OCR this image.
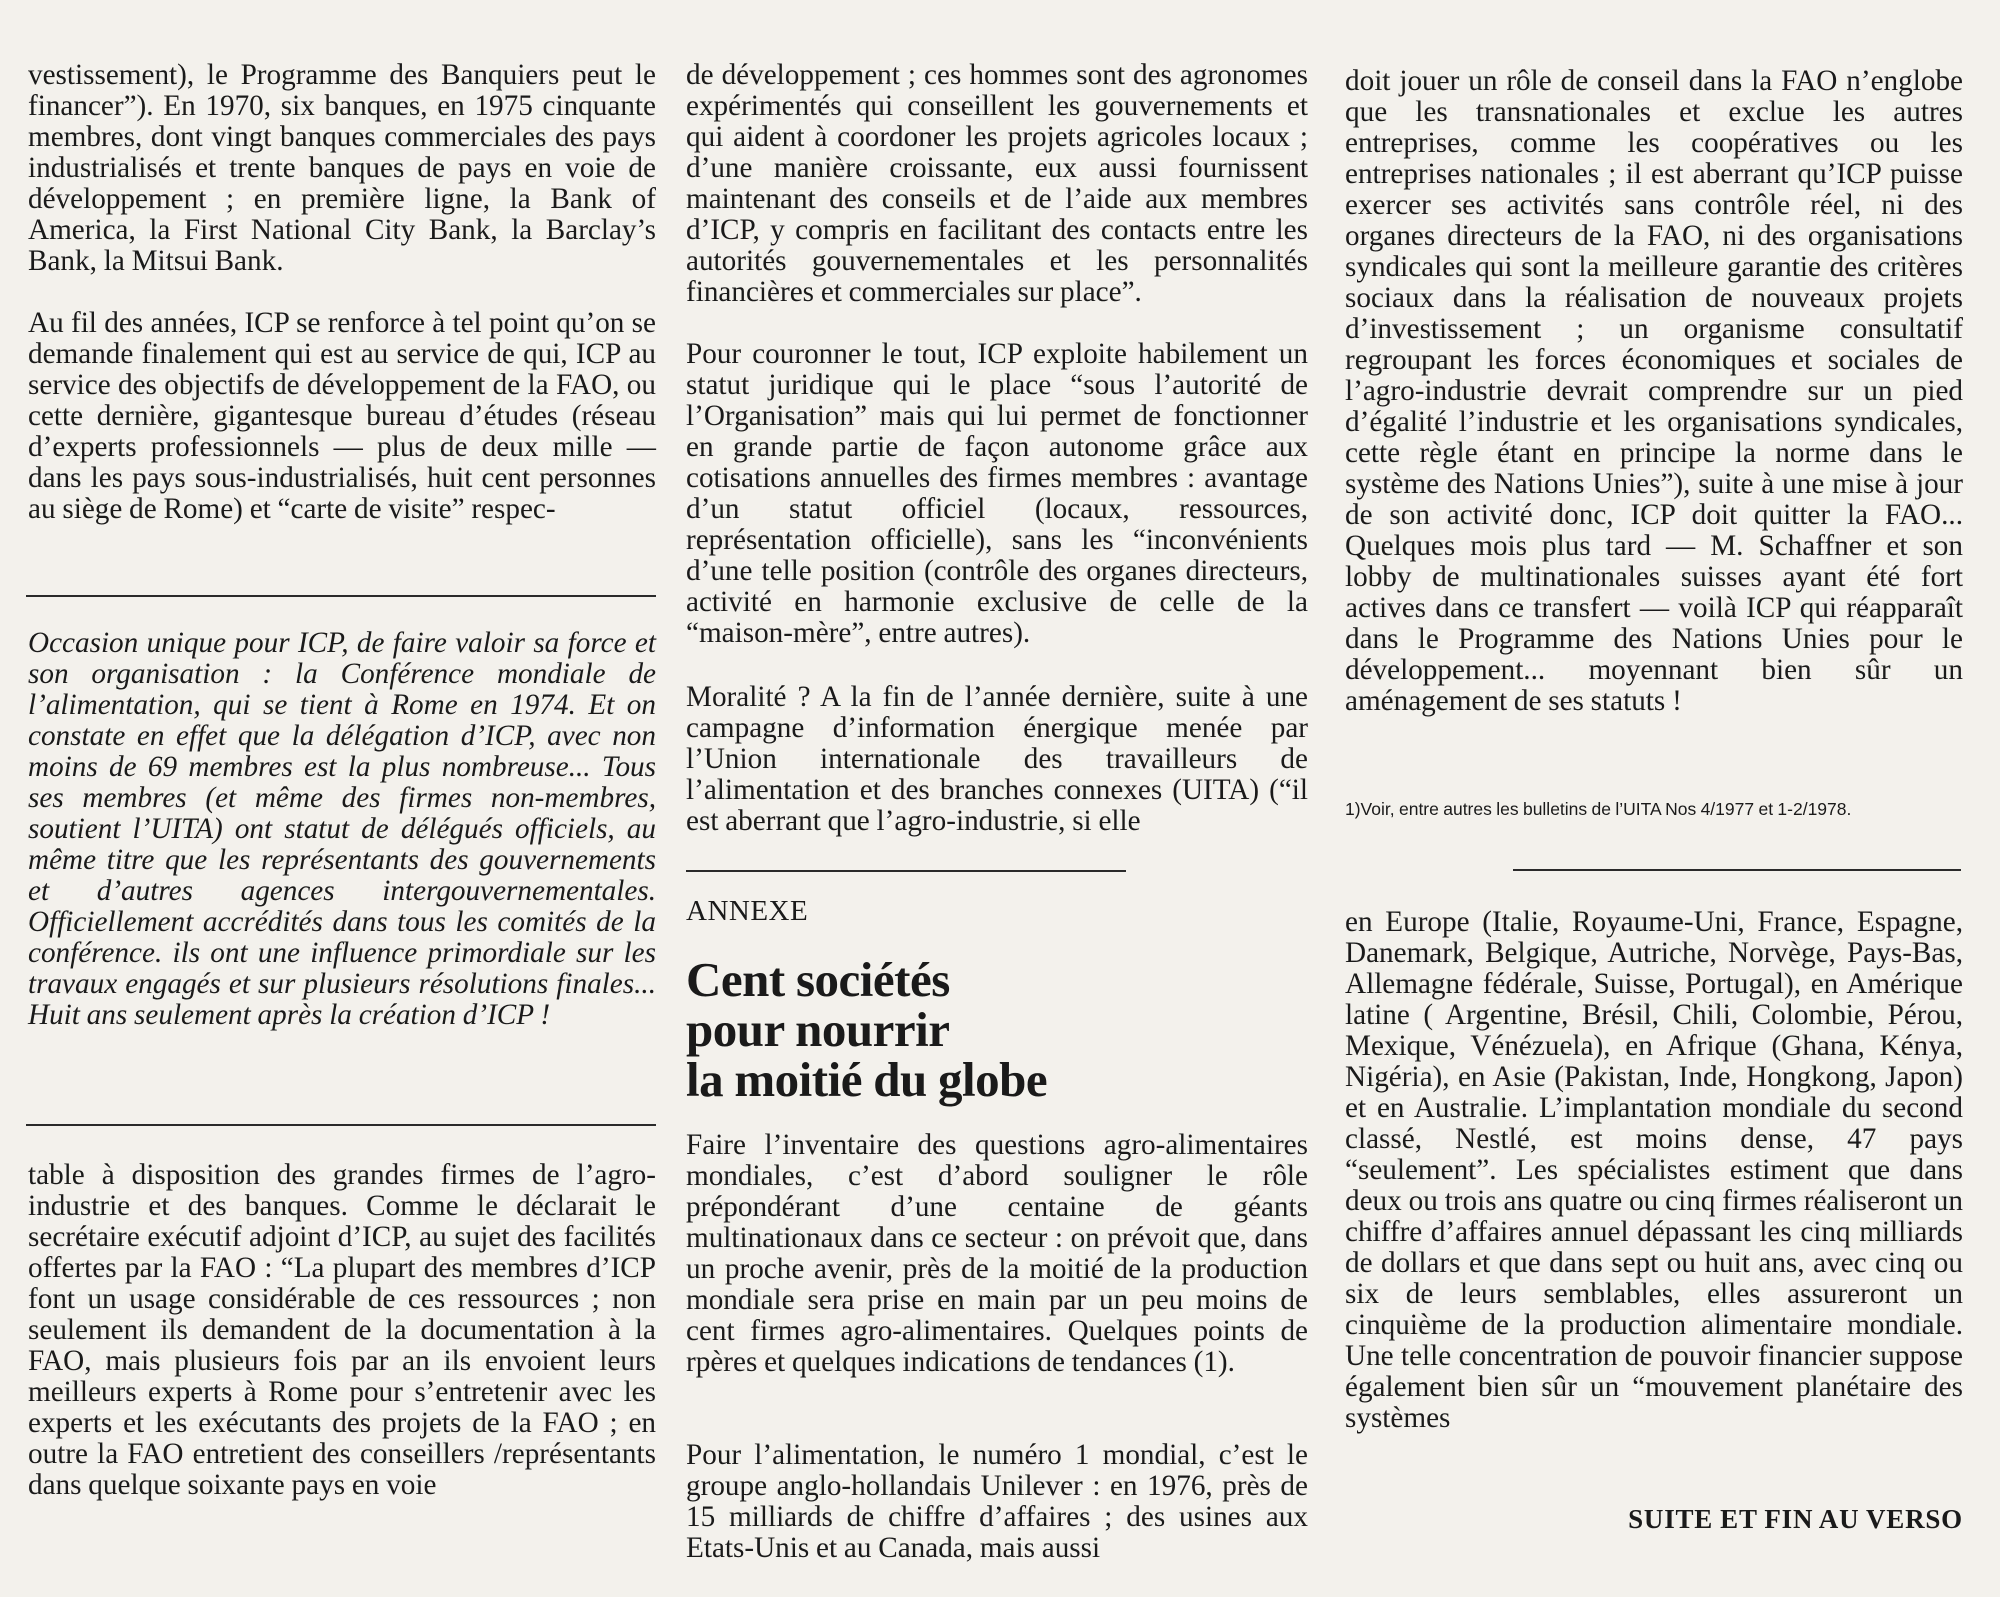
vestissement), le Programme des Banquiers peut le financer”). En 1970, six banques, en 1975 cinquante membres, dont vingt banques commerciales des pays industrialisés et trente banques de pays en voie de développement ; en première ligne, la Bank of America, la First National City Bank, la Barclay’s Bank, la Mitsui Bank.

Au fil des années, ICP se renforce à tel point qu’on se demande finalement qui est au service de qui, ICP au service des objectifs de développement de la FAO, ou cette dernière, gigantesque bureau d’études (réseau d’experts professionnels — plus de deux mille — dans les pays sous-industrialisés, huit cent personnes au siège de Rome) et “carte de visite” respec-

Occasion unique pour ICP, de faire valoir sa force et son organisation : la Conférence mondiale de l’alimentation, qui se tient à Rome en 1974. Et on constate en effet que la délégation d’ICP, avec non moins de 69 membres est la plus nombreuse... Tous ses membres (et même des firmes non-membres, soutient l’UITA) ont statut de délégués officiels, au même titre que les représentants des gouvernements et d’autres agences intergouvernementales. Officiellement accrédités dans tous les comités de la conférence. ils ont une influence primordiale sur les travaux engagés et sur plusieurs résolutions finales... Huit ans seulement après la création d’ICP !

table à disposition des grandes firmes de l’agro-industrie et des banques. Comme le déclarait le secrétaire exécutif adjoint d’ICP, au sujet des facilités offertes par la FAO : “La plupart des membres d’ICP font un usage considérable de ces ressources ; non seulement ils demandent de la documentation à la FAO, mais plusieurs fois par an ils envoient leurs meilleurs experts à Rome pour s’entretenir avec les experts et les exécutants des projets de la FAO ; en outre la FAO entretient des conseillers /représentants dans quelque soixante pays en voie

de développement ; ces hommes sont des agronomes expérimentés qui conseillent les gouvernements et qui aident à coordoner les projets agricoles locaux ; d’une manière croissante, eux aussi fournissent maintenant des conseils et de l’aide aux membres d’ICP, y compris en facilitant des contacts entre les autorités gouvernementales et les personnalités financières et commerciales sur place”.

Pour couronner le tout, ICP exploite habilement un statut juridique qui le place “sous l’autorité de l’Organisation” mais qui lui permet de fonctionner en grande partie de façon autonome grâce aux cotisations annuelles des firmes membres : avantage d’un statut officiel (locaux, ressources, représentation officielle), sans les “inconvénients d’une telle position (contrôle des organes directeurs, activité en harmonie exclusive de celle de la “maison-mère”, entre autres).

Moralité ? A la fin de l’année dernière, suite à une campagne d’information énergique menée par l’Union internationale des travailleurs de l’alimentation et des branches connexes (UITA) (“il est aberrant que l’agro-industrie, si elle

ANNEXE
Cent sociétés
pour nourrir
la moitié du globe

Faire l’inventaire des questions agro-alimentaires mondiales, c’est d’abord souligner le rôle prépondérant d’une centaine de géants multinationaux dans ce secteur : on prévoit que, dans un proche avenir, près de la moitié de la production mondiale sera prise en main par un peu moins de cent firmes agro-alimentaires. Quelques points de rpères et quelques indications de tendances (1).

Pour l’alimentation, le numéro 1 mondial, c’est le groupe anglo-hollandais Unilever : en 1976, près de 15 milliards de chiffre d’affaires ; des usines aux Etats-Unis et au Canada, mais aussi

doit jouer un rôle de conseil dans la FAO n’englobe que les transnationales et exclue les autres entreprises, comme les coopératives ou les entreprises nationales ; il est aberrant qu’ICP puisse exercer ses activités sans contrôle réel, ni des organes directeurs de la FAO, ni des organisations syndicales qui sont la meilleure garantie des critères sociaux dans la réalisation de nouveaux projets d’investissement ; un organisme consultatif regroupant les forces économiques et sociales de l’agro-industrie devrait comprendre sur un pied d’égalité l’industrie et les organisations syndicales, cette règle étant en principe la norme dans le système des Nations Unies”), suite à une mise à jour de son activité donc, ICP doit quitter la FAO... Quelques mois plus tard — M. Schaffner et son lobby de multinationales suisses ayant été fort actives dans ce transfert — voilà ICP qui réapparaît dans le Programme des Nations Unies pour le développement... moyennant bien sûr un aménagement de ses statuts !

1)Voir, entre autres les bulletins de l’UITA Nos 4/1977 et 1-2/1978.

en Europe (Italie, Royaume-Uni, France, Espagne, Danemark, Belgique, Autriche, Norvège, Pays-Bas, Allemagne fédérale, Suisse, Portugal), en Amérique latine ( Argentine, Brésil, Chili, Colombie, Pérou, Mexique, Vénézuela), en Afrique (Ghana, Kénya, Nigéria), en Asie (Pakistan, Inde, Hongkong, Japon) et en Australie. L’implantation mondiale du second classé, Nestlé, est moins dense, 47 pays “seulement”. Les spécialistes estiment que dans deux ou trois ans quatre ou cinq firmes réaliseront un chiffre d’affaires annuel dépassant les cinq milliards de dollars et que dans sept ou huit ans, avec cinq ou six de leurs semblables, elles assureront un cinquième de la production alimentaire mondiale. Une telle concentration de pouvoir financier suppose également bien sûr un “mouvement planétaire des systèmes

SUITE ET FIN AU VERSO
